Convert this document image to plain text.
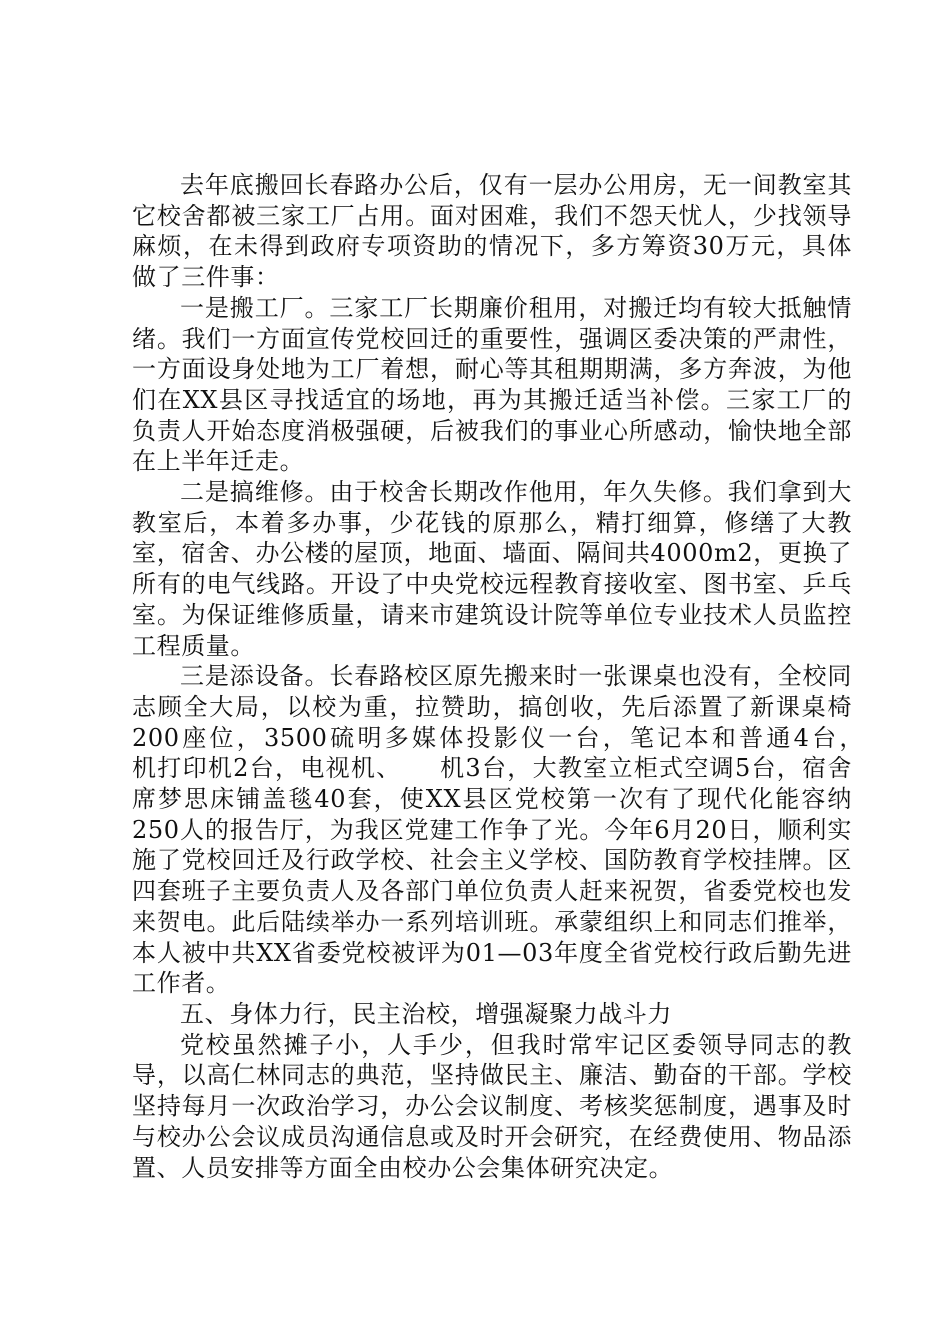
去年底搬回长春路办公后，仅有一层办公用房，无一间教室其它校舍都被三家工厂占用。面对困难，我们不怨天忧人，少找领导麻烦，在未得到政府专项资助的情况下，多方筹资30万元，具体做了三件事：

一是搬工厂。三家工厂长期廉价租用，对搬迁均有较大抵触情绪。我们一方面宣传党校回迁的重要性，强调区委决策的严肃性，一方面设身处地为工厂着想，耐心等其租期期满，多方奔波，为他们在XX县区寻找适宜的场地，再为其搬迁适当补偿。三家工厂的负责人开始态度消极强硬，后被我们的事业心所感动，愉快地全部在上半年迁走。

二是搞维修。由于校舍长期改作他用，年久失修。我们拿到大教室后，本着多办事，少花钱的原那么，精打细算，修缮了大教室，宿舍、办公楼的屋顶，地面、墙面、隔间共4000m2，更换了所有的电气线路。开设了中央党校远程教育接收室、图书室、乒乓室。为保证维修质量，请来市建筑设计院等单位专业技术人员监控工程质量。

三是添设备。长春路校区原先搬来时一张课桌也没有，全校同志顾全大局，以校为重，拉赞助，搞创收，先后添置了新课桌椅200座位，3500硫明多媒体投影仪一台，笔记本和普通4台，　　机打印机2台，电视机、　　机3台，大教室立柜式空调5台，宿舍席梦思床铺盖毯40套，使XX县区党校第一次有了现代化能容纳250人的报告厅，为我区党建工作争了光。今年6月20日，顺利实施了党校回迁及行政学校、社会主义学校、国防教育学校挂牌。区四套班子主要负责人及各部门单位负责人赶来祝贺，省委党校也发来贺电。此后陆续举办一系列培训班。承蒙组织上和同志们推举，本人被中共XX省委党校被评为01—03年度全省党校行政后勤先进工作者。

五、身体力行，民主治校，增强凝聚力战斗力

党校虽然摊子小，人手少，但我时常牢记区委领导同志的教导，以高仁林同志的典范，坚持做民主、廉洁、勤奋的干部。学校坚持每月一次政治学习，办公会议制度、考核奖惩制度，遇事及时与校办公会议成员沟通信息或及时开会研究，在经费使用、物品添置、人员安排等方面全由校办公会集体研究决定。
